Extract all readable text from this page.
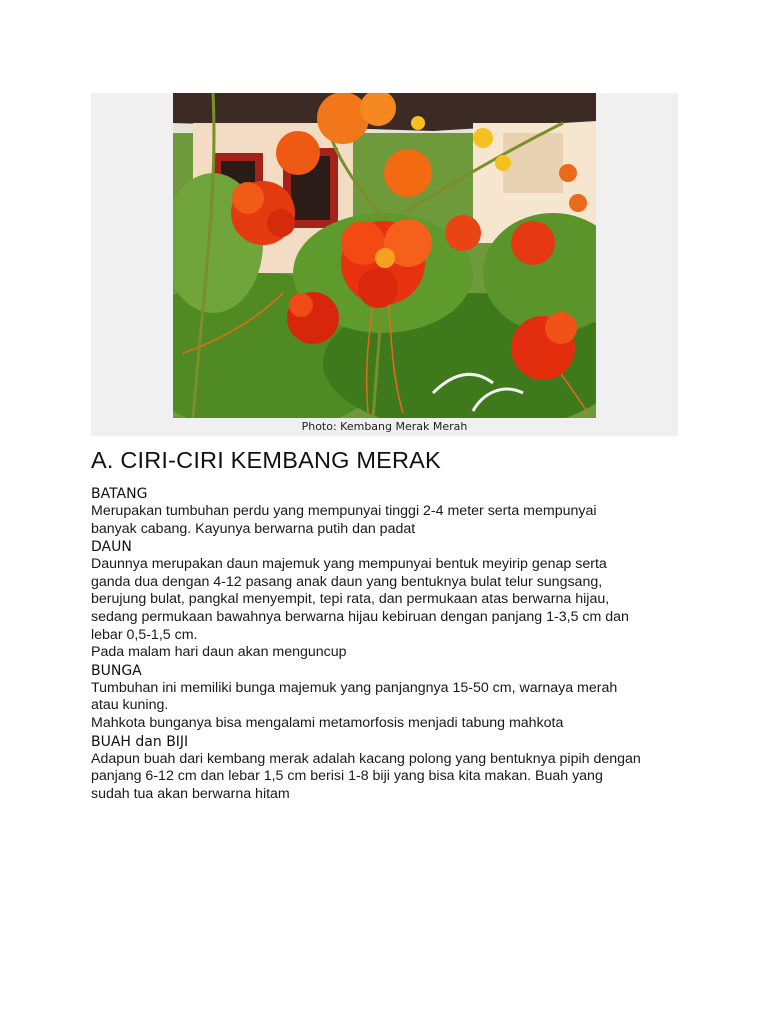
Photo: Kembang Merak Merah
A. CIRI-CIRI KEMBANG MERAK
BATANG
Merupakan tumbuhan perdu yang mempunyai tinggi 2-4 meter serta mempunyai
banyak cabang. Kayunya berwarna putih dan padat
DAUN
Daunnya merupakan daun majemuk yang mempunyai bentuk meyirip genap serta
ganda dua dengan 4-12 pasang anak daun yang bentuknya bulat telur sungsang,
berujung bulat, pangkal menyempit, tepi rata, dan permukaan atas berwarna hijau,
sedang permukaan bawahnya berwarna hijau kebiruan dengan panjang 1-3,5 cm dan
lebar 0,5-1,5 cm.
Pada malam hari daun akan menguncup
BUNGA
Tumbuhan ini memiliki bunga majemuk yang panjangnya 15-50 cm, warnaya merah
atau kuning.
Mahkota bunganya bisa mengalami metamorfosis menjadi tabung mahkota
BUAH dan BIJI
Adapun buah dari kembang merak adalah kacang polong yang bentuknya pipih dengan
panjang 6-12 cm dan lebar 1,5 cm berisi 1-8 biji yang bisa kita makan. Buah yang
sudah tua akan berwarna hitam
